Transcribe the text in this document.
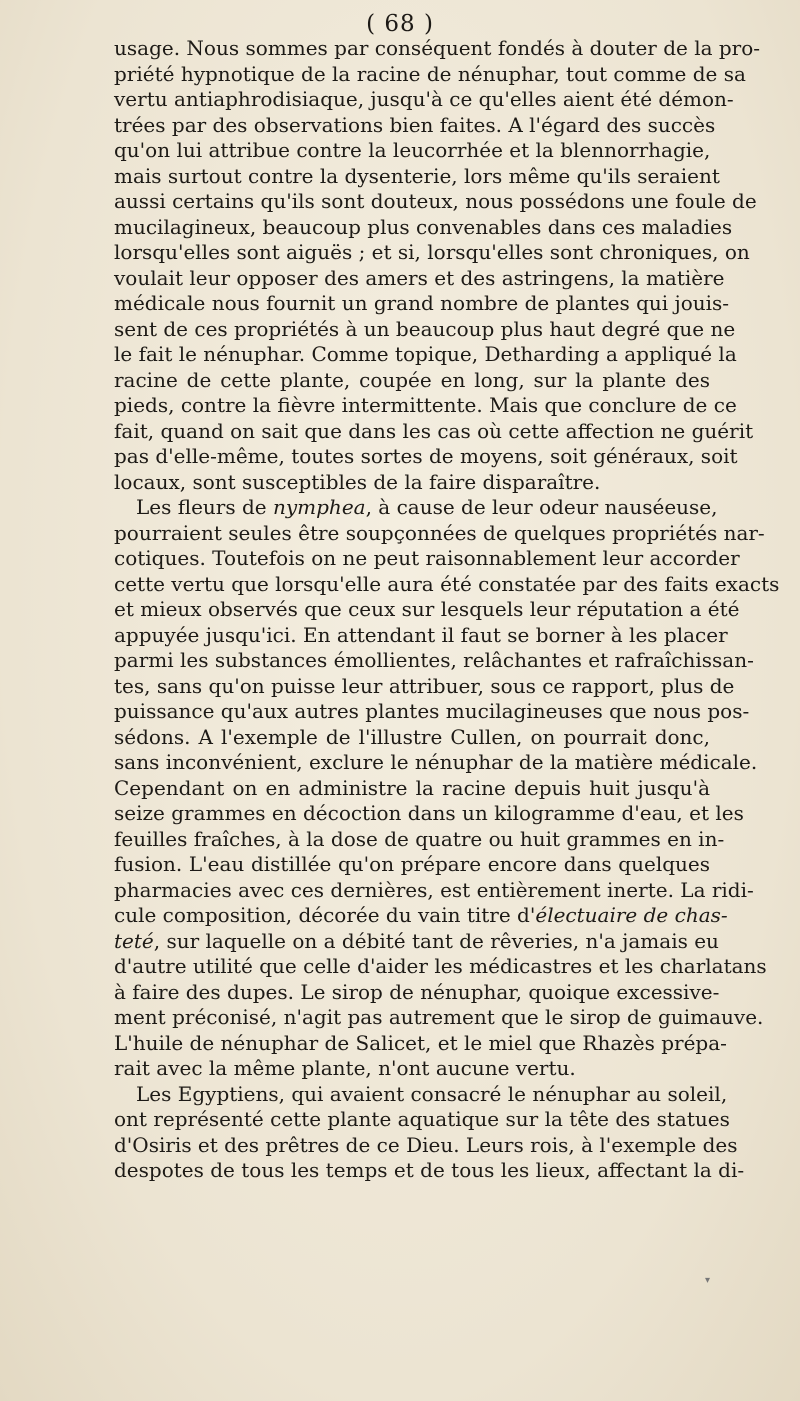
( 68 )
usage. Nous sommes par conséquent fondés à douter de la pro-
priété hypnotique de la racine de nénuphar, tout comme de sa
vertu antiaphrodisiaque, jusqu'à ce qu'elles aient été démon-
trées par des observations bien faites. A l'égard des succès
qu'on lui attribue contre la leucorrhée et la blennorrhagie,
mais surtout contre la dysenterie, lors même qu'ils seraient
aussi certains qu'ils sont douteux, nous possédons une foule de
mucilagineux, beaucoup plus convenables dans ces maladies
lorsqu'elles sont aiguës ; et si, lorsqu'elles sont chroniques, on
voulait leur opposer des amers et des astringens, la matière
médicale nous fournit un grand nombre de plantes qui jouis-
sent de ces propriétés à un beaucoup plus haut degré que ne
le fait le nénuphar. Comme topique, Detharding a appliqué la
racine de cette plante, coupée en long, sur la plante des
pieds, contre la fièvre intermittente. Mais que conclure de ce
fait, quand on sait que dans les cas où cette affection ne guérit
pas d'elle-même, toutes sortes de moyens, soit généraux, soit
locaux, sont susceptibles de la faire disparaître.
Les fleurs de nymphea, à cause de leur odeur nauséeuse,
pourraient seules être soupçonnées de quelques propriétés nar-
cotiques. Toutefois on ne peut raisonnablement leur accorder
cette vertu que lorsqu'elle aura été constatée par des faits exacts
et mieux observés que ceux sur lesquels leur réputation a été
appuyée jusqu'ici. En attendant il faut se borner à les placer
parmi les substances émollientes, relâchantes et rafraîchissan-
tes, sans qu'on puisse leur attribuer, sous ce rapport, plus de
puissance qu'aux autres plantes mucilagineuses que nous pos-
sédons. A l'exemple de l'illustre Cullen, on pourrait donc,
sans inconvénient, exclure le nénuphar de la matière médicale.
Cependant on en administre la racine depuis huit jusqu'à
seize grammes en décoction dans un kilogramme d'eau, et les
feuilles fraîches, à la dose de quatre ou huit grammes en in-
fusion. L'eau distillée qu'on prépare encore dans quelques
pharmacies avec ces dernières, est entièrement inerte. La ridi-
cule composition, décorée du vain titre d'électuaire de chas-
teté, sur laquelle on a débité tant de rêveries, n'a jamais eu
d'autre utilité que celle d'aider les médicastres et les charlatans
à faire des dupes. Le sirop de nénuphar, quoique excessive-
ment préconisé, n'agit pas autrement que le sirop de guimauve.
L'huile de nénuphar de Salicet, et le miel que Rhazès prépa-
rait avec la même plante, n'ont aucune vertu.
Les Egyptiens, qui avaient consacré le nénuphar au soleil,
ont représenté cette plante aquatique sur la tête des statues
d'Osiris et des prêtres de ce Dieu. Leurs rois, à l'exemple des
despotes de tous les temps et de tous les lieux, affectant la di-
▾
